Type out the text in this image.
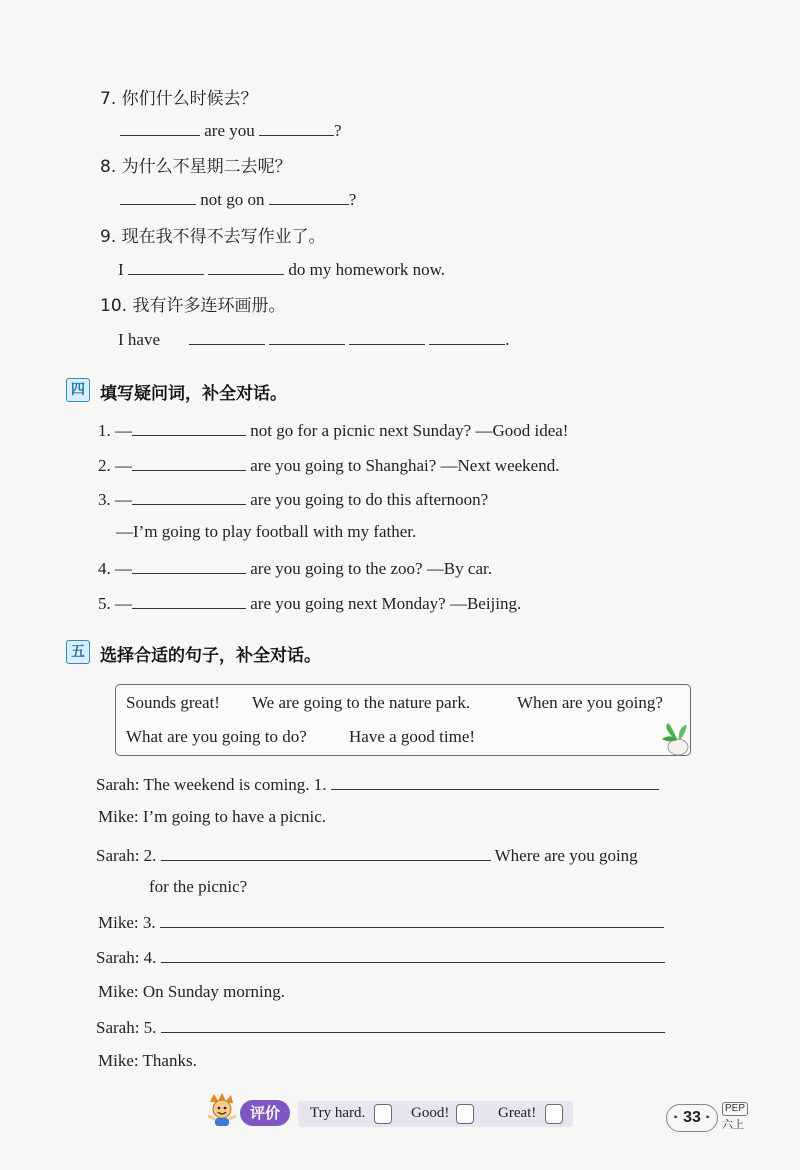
7. 你们什么时候去？
are you	?
8. 为什么不星期二去呢？
not go on	?
9. 现在我不得不去写作业了。
I	do my homework now.
10. 我有许多连环画册。
I have	.
四 填写疑问词，补全对话。
1. —	not go for a picnic next Sunday? —Good idea!
2. —	are you going to Shanghai? —Next weekend.
3. —	are you going to do this afternoon?
—I’m going to play football with my father.
4. —	are you going to the zoo? —By car.
5. —	are you going next Monday? —Beijing.
五 选择合适的句子，补全对话。
Sounds great! We are going to the nature park.	When are you going?
What are you going to do? Have a good time!
Sarah: The weekend is coming. 1.
Mike: I’m going to have a picnic.
Sarah: 2.	Where are you going
for the picnic?
Mike: 3.
Sarah: 4.
Mike: On Sunday morning.
Sarah: 5.
Mike: Thanks.
评价	Try hard.	Good!	Great!	· 33 ·
PEP
六上
